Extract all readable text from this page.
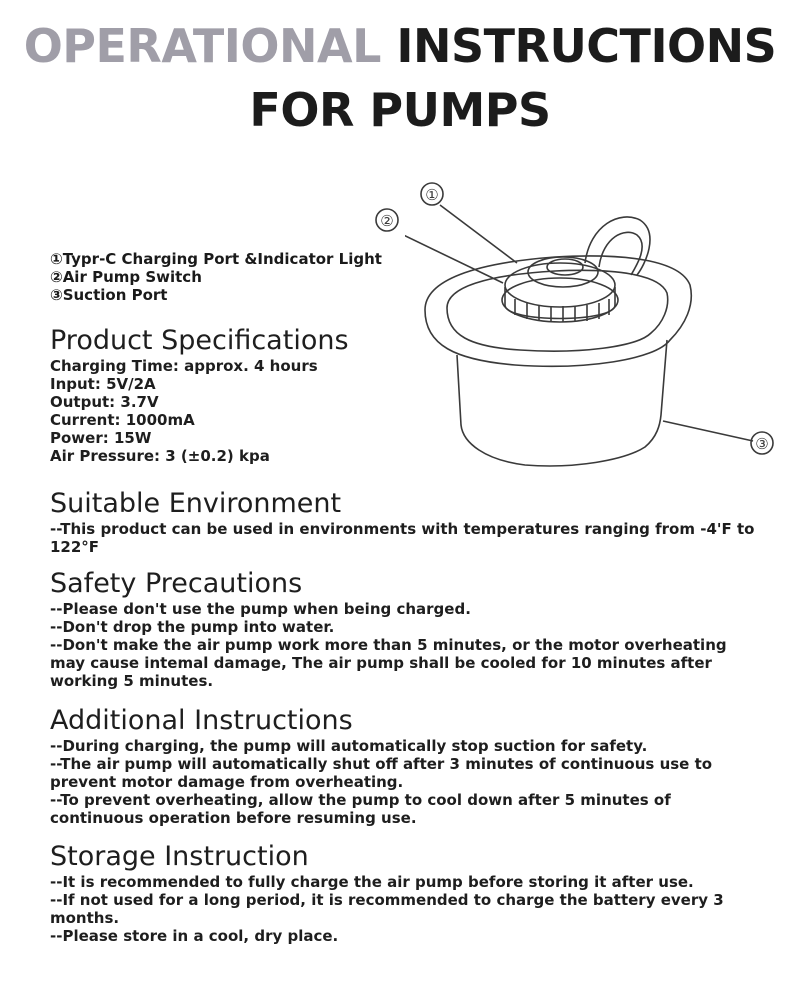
OPERATIONAL INSTRUCTIONS
FOR PUMPS
①
③
②
①Typr-C Charging Port &Indicator Light
②Air Pump Switch
③Suction Port
Product Specifications
Charging Time: approx. 4 hours
Input: 5V/2A
Output: 3.7V
Current: 1000mA
Power: 15W
Air Pressure: 3 (±0.2) kpa
Suitable Environment
--This product can be used in environments with temperatures ranging from -4'F to 122°F
Safety Precautions
--Please don't use the pump when being charged.
--Don't drop the pump into water.
--Don't make the air pump work more than 5 minutes, or the motor overheating may cause intemal damage, The air pump shall be cooled for 10 minutes after working 5 minutes.
Additional Instructions
--During charging, the pump will automatically stop suction for safety.
--The air pump will automatically shut off after 3 minutes of continuous use to prevent motor damage from overheating.
--To prevent overheating, allow the pump to cool down after 5 minutes of continuous operation before resuming use.
Storage Instruction
--It is recommended to fully charge the air pump before storing it after use.
--If not used for a long period, it is recommended to charge the battery every 3 months.
--Please store in a cool, dry place.
